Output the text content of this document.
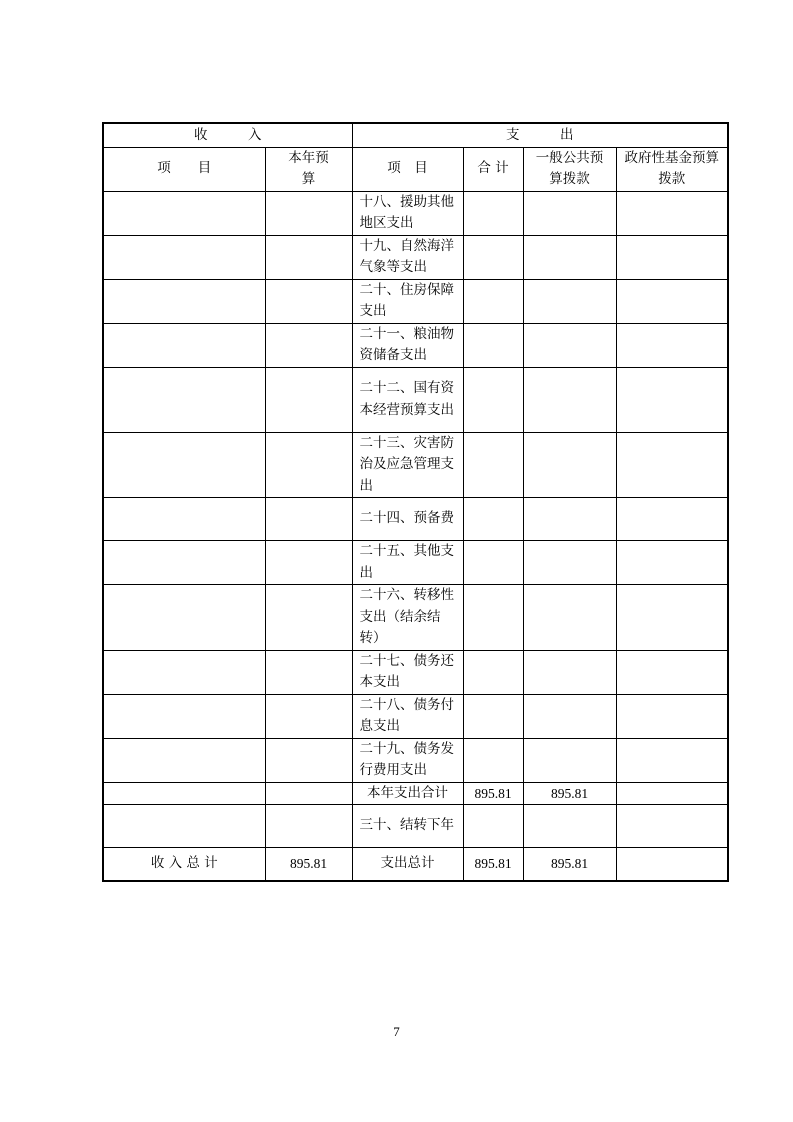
收　　　入		支　　　出			
项　　目	本年预算	项　目	合 计	一般公共预算拨款	政府性基金预算拨款
		十八、援助其他地区支出			
		十九、自然海洋气象等支出			
		二十、住房保障支出			
		二十一、粮油物资储备支出			
		二十二、国有资本经营预算支出			
		二十三、灾害防治及应急管理支出			
		二十四、预备费			
		二十五、其他支出			
		二十六、转移性支出（结余结转）			
		二十七、债务还本支出			
		二十八、债务付息支出			
		二十九、债务发行费用支出			
		本年支出合计	895.81	895.81	
		三十、结转下年			
收 入 总 计	895.81	支出总计	895.81	895.81	
7
